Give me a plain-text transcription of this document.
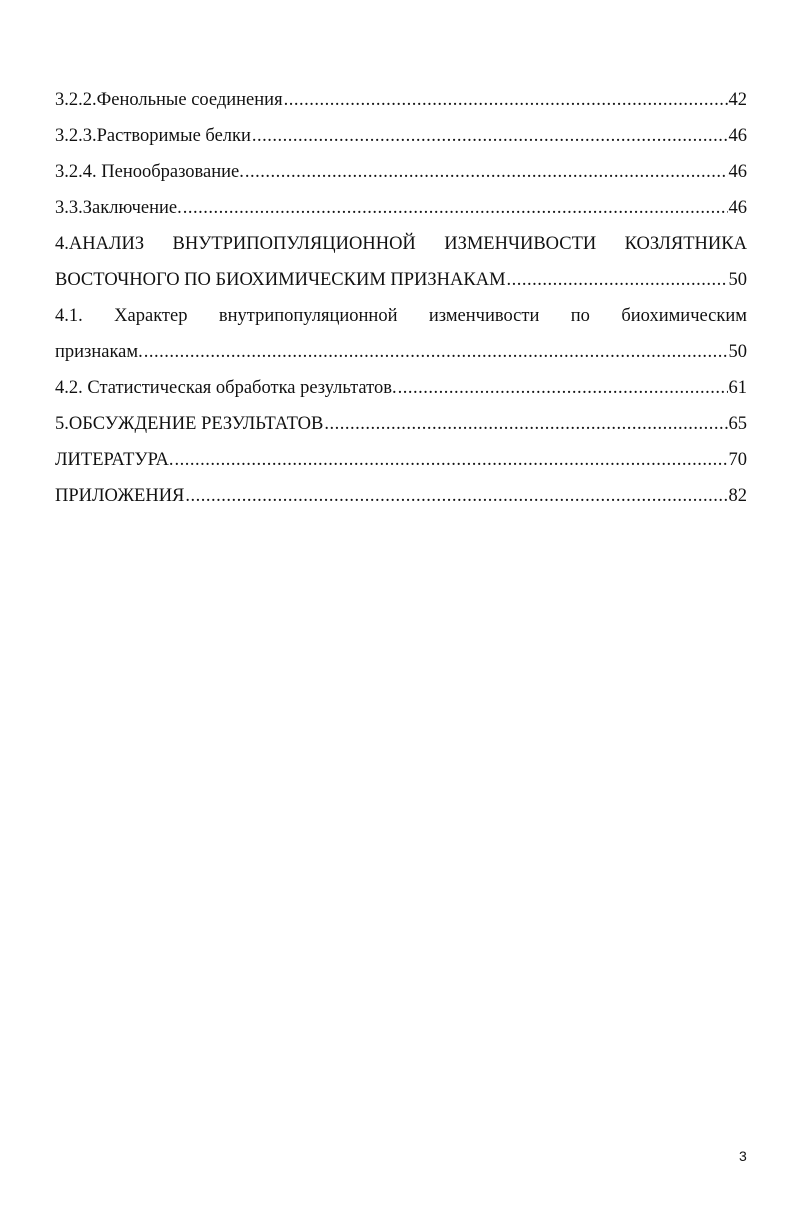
3.2.2.Фенольные соединения .....	42
3.2.3.Растворимые белки .....	46
3.2.4. Пенообразование. .....	46
3.3.Заключение. .....	46
4.АНАЛИЗ ВНУТРИПОПУЛЯЦИОННОЙ ИЗМЕНЧИВОСТИ КОЗЛЯТНИКА
ВОСТОЧНОГО ПО БИОХИМИЧЕСКИМ ПРИЗНАКАМ .....	50
4.1. Характер внутрипопуляционной изменчивости по биохимическим
признакам. .....	50
4.2. Статистическая обработка результатов. .....	61
5.ОБСУЖДЕНИЕ РЕЗУЛЬТАТОВ .....	65
ЛИТЕРАТУРА. .....	70
ПРИЛОЖЕНИЯ .....	82
3
